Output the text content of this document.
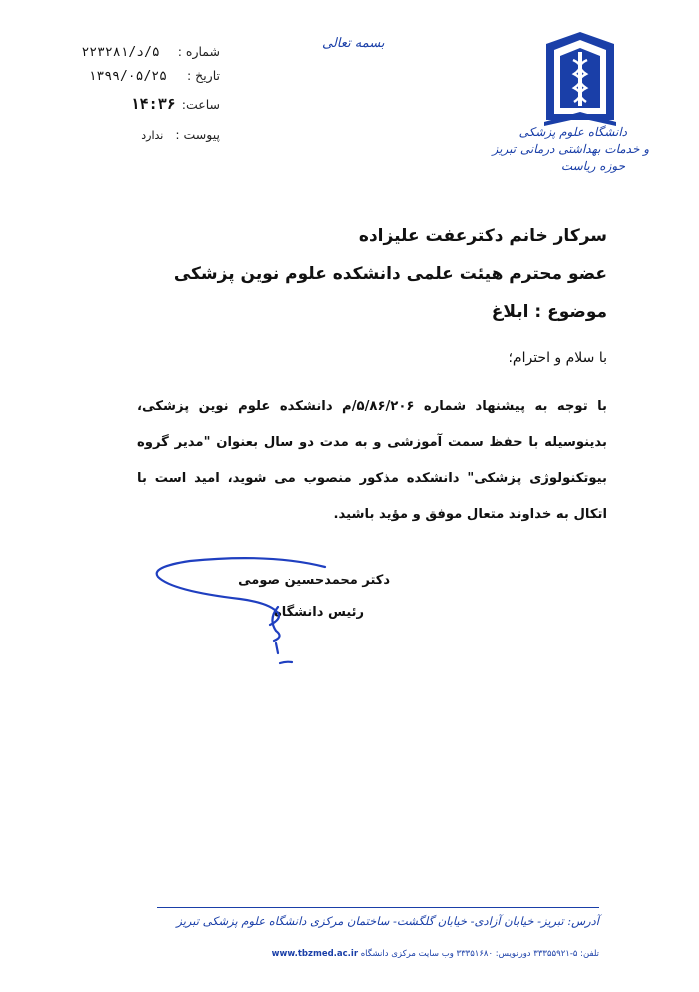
شماره : ۵/د/۲۲۳۲۸۱
تاریخ : ۱۳۹۹/۰۵/۲۵
ساعت: ۱۴:۳۶
پیوست : ندارد
بسمه تعالی
دانشگاه علوم پزشکی
و خدمات بهداشتی درمانی تبریز
حوزه ریاست
سرکار خانم دکترعفت علیزاده
عضو محترم هیئت علمی دانشکده علوم نوین پزشکی
موضوع : ابلاغ
با سلام و احترام؛
با توجه به پیشنهاد شماره ۵/۸۶/۲۰۶/م دانشکده علوم نوین پزشکی، بدینوسیله با حفظ سمت آموزشی و به مدت دو سال بعنوان "مدیر گروه بیوتکنولوژی پزشکی" دانشکده مذکور منصوب می شوید، امید است با اتکال به خداوند متعال موفق و مؤید باشید.
دکتر محمدحسین صومی
رئیس دانشگاه
آدرس: تبریز- خیابان آزادی- خیابان گلگشت- ساختمان مرکزی دانشگاه علوم پزشکی تبریز
تلفن: ۵-۳۳۳۵۵۹۲۱ دورنویس: ۳۳۳۵۱۶۸۰ وب سایت مرکزی دانشگاه www.tbzmed.ac.ir
